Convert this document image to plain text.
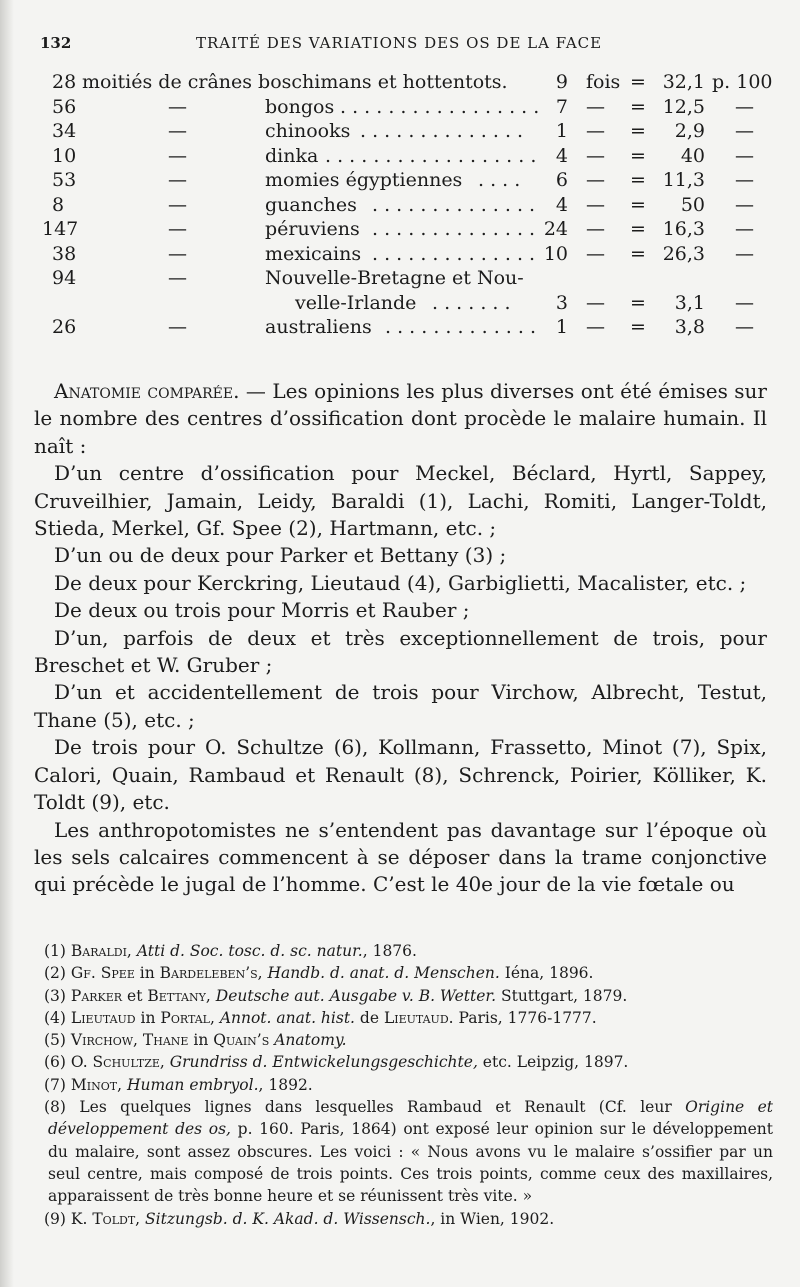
132	TRAITÉ DES VARIATIONS DES OS DE LA FACE
28 moitiés de crânes boschimans et hottentots.	9 fois = 32,1 p. 100
56	—	bongos . . . . . . . . . . . . . . . . . 7 — = 12,5 —
34	—	chinooks . . . . . . . . . . . . . .	1 — = 2,9 —
10	—	dinka . . . . . . . . . . . . . . . . . . 4 — = 40 —
53	—	momies égyptiennes . . . .	6 — = 11,3 —
8	—	guanches . . . . . . . . . . . . . . 4 — = 50 —
147	—	péruviens . . . . . . . . . . . . . . 24 — = 16,3 —
38	—	mexicains . . . . . . . . . . . . . . 10 — = 26,3 —
94	—	Nouvelle-Bretagne et Nou-
velle-Irlande . . . . . . .	3 — = 3,1 —
26	—	australiens . . . . . . . . . . . . . 1 — = 3,8 —

Anatomie comparée. — Les opinions les plus diverses ont été émises sur le nombre des centres d’ossification dont procède le malaire humain. Il naît :

D’un centre d’ossification pour Meckel, Béclard, Hyrtl, Sappey, Cruveilhier, Jamain, Leidy, Baraldi (1), Lachi, Romiti, Langer-Toldt, Stieda, Merkel, Gf. Spee (2), Hartmann, etc. ;

D’un ou de deux pour Parker et Bettany (3) ;

De deux pour Kerckring, Lieutaud (4), Garbiglietti, Macalister, etc. ;

De deux ou trois pour Morris et Rauber ;

D’un, parfois de deux et très exceptionnellement de trois, pour Breschet et W. Gruber ;

D’un et accidentellement de trois pour Virchow, Albrecht, Testut, Thane (5), etc. ;

De trois pour O. Schultze (6), Kollmann, Frassetto, Minot (7), Spix, Calori, Quain, Rambaud et Renault (8), Schrenck, Poirier, Kölliker, K. Toldt (9), etc.

Les anthropotomistes ne s’entendent pas davantage sur l’époque où les sels calcaires commencent à se déposer dans la trame conjonctive qui précède le jugal de l’homme. C’est le 40e jour de la vie fœtale ou

(1) Baraldi, Atti d. Soc. tosc. d. sc. natur., 1876.

(2) Gf. Spee in Bardeleben’s, Handb. d. anat. d. Menschen. Iéna, 1896.

(3) Parker et Bettany, Deutsche aut. Ausgabe v. B. Wetter. Stuttgart, 1879.

(4) Lieutaud in Portal, Annot. anat. hist. de Lieutaud. Paris, 1776-1777.

(5) Virchow, Thane in Quain’s Anatomy.

(6) O. Schultze, Grundriss d. Entwickelungsgeschichte, etc. Leipzig, 1897.

(7) Minot, Human embryol., 1892.

(8) Les quelques lignes dans lesquelles Rambaud et Renault (Cf. leur Origine et développement des os, p. 160. Paris, 1864) ont exposé leur opinion sur le développement du malaire, sont assez obscures. Les voici : « Nous avons vu le malaire s’ossifier par un seul centre, mais composé de trois points. Ces trois points, comme ceux des maxillaires, apparaissent de très bonne heure et se réunissent très vite. »

(9) K. Toldt, Sitzungsb. d. K. Akad. d. Wissensch., in Wien, 1902.
